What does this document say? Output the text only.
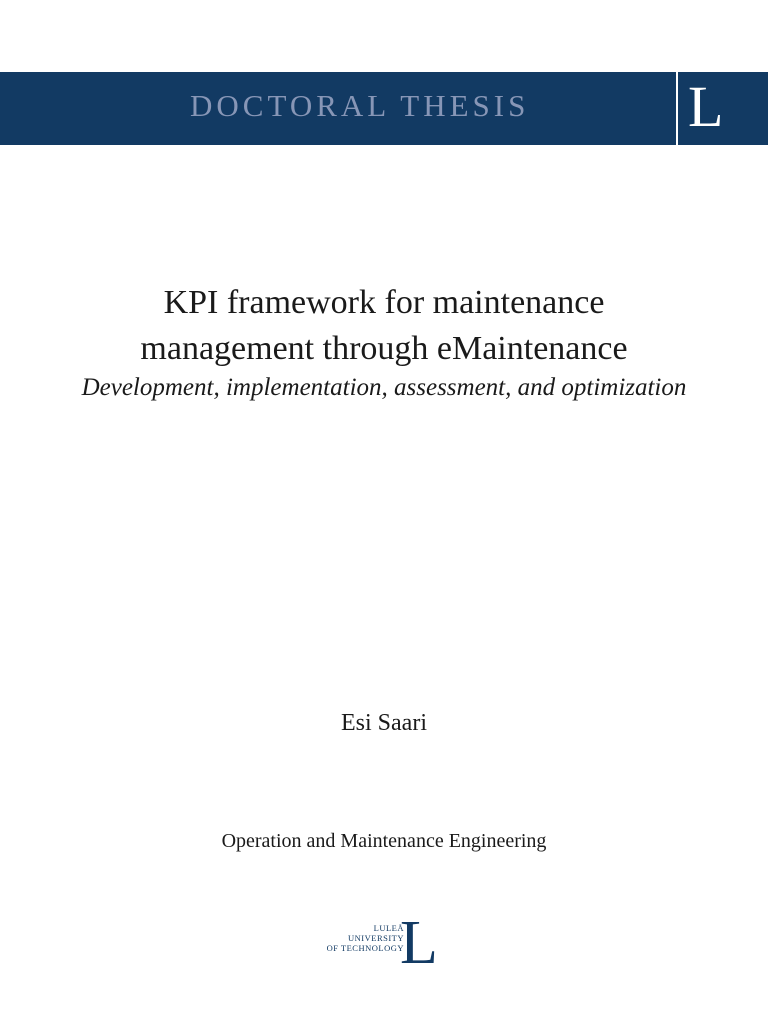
DOCTORAL THESIS	L
KPI framework for maintenance
management through eMaintenance
Development, implementation, assessment, and optimization
Esi Saari
Operation and Maintenance Engineering
LULEÅ
UNIVERSITY
OF TECHNOLOGY
L
